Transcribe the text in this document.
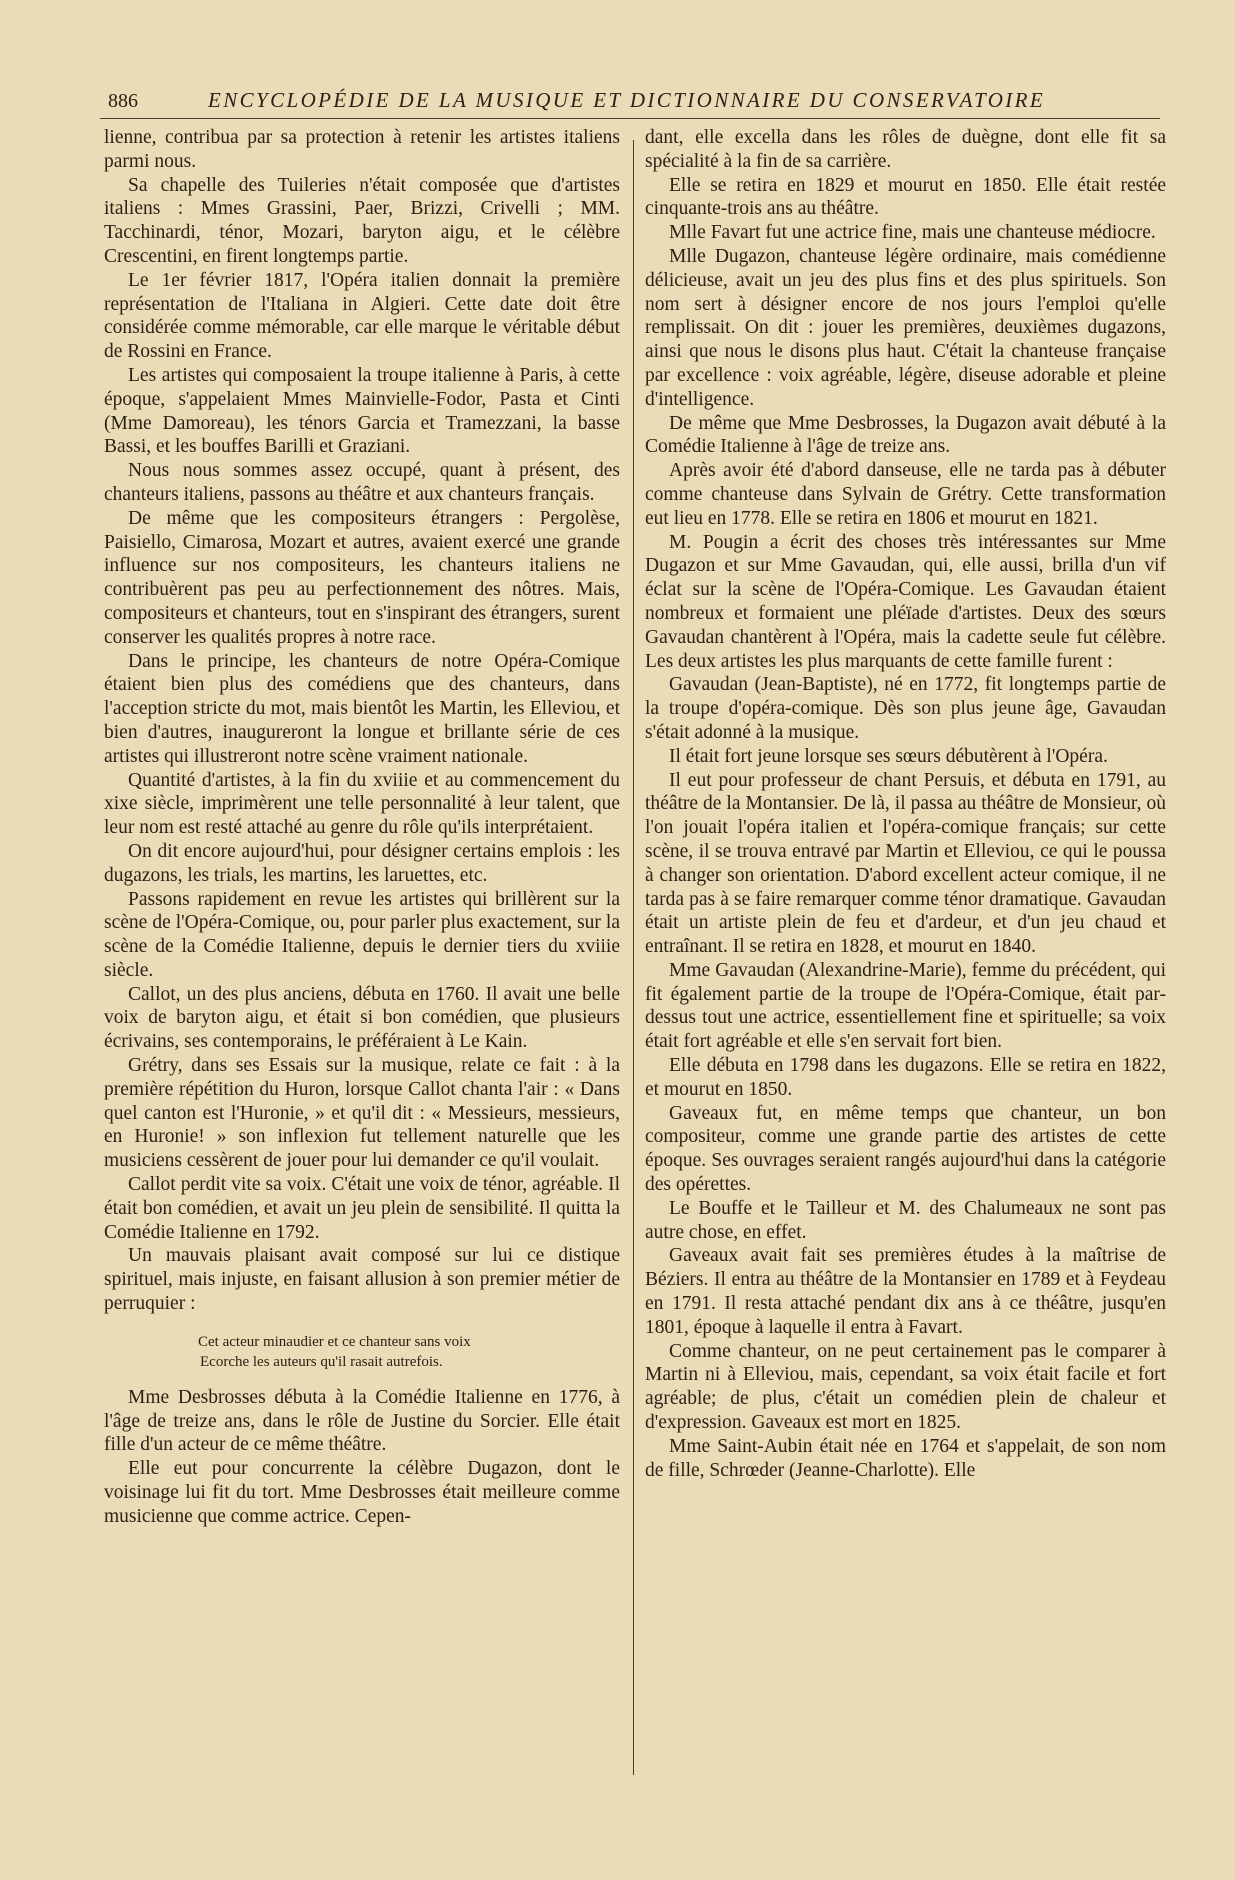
886	ENCYCLOPÉDIE DE LA MUSIQUE ET DICTIONNAIRE DU CONSERVATOIRE

lienne, contribua par sa protection à retenir les artistes italiens parmi nous.

Sa chapelle des Tuileries n'était composée que d'artistes italiens : Mmes Grassini, Paer, Brizzi, Crivelli ; MM. Tacchinardi, ténor, Mozari, baryton aigu, et le célèbre Crescentini, en firent longtemps partie.

Le 1er février 1817, l'Opéra italien donnait la première représentation de l'Italiana in Algieri. Cette date doit être considérée comme mémorable, car elle marque le véritable début de Rossini en France.

Les artistes qui composaient la troupe italienne à Paris, à cette époque, s'appelaient Mmes Mainvielle-Fodor, Pasta et Cinti (Mme Damoreau), les ténors Garcia et Tramezzani, la basse Bassi, et les bouffes Barilli et Graziani.

Nous nous sommes assez occupé, quant à présent, des chanteurs italiens, passons au théâtre et aux chanteurs français.

De même que les compositeurs étrangers : Pergolèse, Paisiello, Cimarosa, Mozart et autres, avaient exercé une grande influence sur nos compositeurs, les chanteurs italiens ne contribuèrent pas peu au perfectionnement des nôtres. Mais, compositeurs et chanteurs, tout en s'inspirant des étrangers, surent conserver les qualités propres à notre race.

Dans le principe, les chanteurs de notre Opéra-Comique étaient bien plus des comédiens que des chanteurs, dans l'acception stricte du mot, mais bientôt les Martin, les Elleviou, et bien d'autres, inaugureront la longue et brillante série de ces artistes qui illustreront notre scène vraiment nationale.

Quantité d'artistes, à la fin du xviiie et au commencement du xixe siècle, imprimèrent une telle personnalité à leur talent, que leur nom est resté attaché au genre du rôle qu'ils interprétaient.

On dit encore aujourd'hui, pour désigner certains emplois : les dugazons, les trials, les martins, les laruettes, etc.

Passons rapidement en revue les artistes qui brillèrent sur la scène de l'Opéra-Comique, ou, pour parler plus exactement, sur la scène de la Comédie Italienne, depuis le dernier tiers du xviiie siècle.

Callot, un des plus anciens, débuta en 1760. Il avait une belle voix de baryton aigu, et était si bon comédien, que plusieurs écrivains, ses contemporains, le préféraient à Le Kain.

Grétry, dans ses Essais sur la musique, relate ce fait : à la première répétition du Huron, lorsque Callot chanta l'air : « Dans quel canton est l'Huronie, » et qu'il dit : « Messieurs, messieurs, en Huronie! » son inflexion fut tellement naturelle que les musiciens cessèrent de jouer pour lui demander ce qu'il voulait.

Callot perdit vite sa voix. C'était une voix de ténor, agréable. Il était bon comédien, et avait un jeu plein de sensibilité. Il quitta la Comédie Italienne en 1792.

Un mauvais plaisant avait composé sur lui ce distique spirituel, mais injuste, en faisant allusion à son premier métier de perruquier :

Cet acteur minaudier et ce chanteur sans voix
Ecorche les auteurs qu'il rasait autrefois.

Mme Desbrosses débuta à la Comédie Italienne en 1776, à l'âge de treize ans, dans le rôle de Justine du Sorcier. Elle était fille d'un acteur de ce même théâtre.

Elle eut pour concurrente la célèbre Dugazon, dont le voisinage lui fit du tort. Mme Desbrosses était meilleure comme musicienne que comme actrice. Cepen-

dant, elle excella dans les rôles de duègne, dont elle fit sa spécialité à la fin de sa carrière.

Elle se retira en 1829 et mourut en 1850. Elle était restée cinquante-trois ans au théâtre.

Mlle Favart fut une actrice fine, mais une chanteuse médiocre.

Mlle Dugazon, chanteuse légère ordinaire, mais comédienne délicieuse, avait un jeu des plus fins et des plus spirituels. Son nom sert à désigner encore de nos jours l'emploi qu'elle remplissait. On dit : jouer les premières, deuxièmes dugazons, ainsi que nous le disons plus haut. C'était la chanteuse française par excellence : voix agréable, légère, diseuse adorable et pleine d'intelligence.

De même que Mme Desbrosses, la Dugazon avait débuté à la Comédie Italienne à l'âge de treize ans.

Après avoir été d'abord danseuse, elle ne tarda pas à débuter comme chanteuse dans Sylvain de Grétry. Cette transformation eut lieu en 1778. Elle se retira en 1806 et mourut en 1821.

M. Pougin a écrit des choses très intéressantes sur Mme Dugazon et sur Mme Gavaudan, qui, elle aussi, brilla d'un vif éclat sur la scène de l'Opéra-Comique. Les Gavaudan étaient nombreux et formaient une pléïade d'artistes. Deux des sœurs Gavaudan chantèrent à l'Opéra, mais la cadette seule fut célèbre. Les deux artistes les plus marquants de cette famille furent :

Gavaudan (Jean-Baptiste), né en 1772, fit longtemps partie de la troupe d'opéra-comique. Dès son plus jeune âge, Gavaudan s'était adonné à la musique.

Il était fort jeune lorsque ses sœurs débutèrent à l'Opéra.

Il eut pour professeur de chant Persuis, et débuta en 1791, au théâtre de la Montansier. De là, il passa au théâtre de Monsieur, où l'on jouait l'opéra italien et l'opéra-comique français; sur cette scène, il se trouva entravé par Martin et Elleviou, ce qui le poussa à changer son orientation. D'abord excellent acteur comique, il ne tarda pas à se faire remarquer comme ténor dramatique. Gavaudan était un artiste plein de feu et d'ardeur, et d'un jeu chaud et entraînant. Il se retira en 1828, et mourut en 1840.

Mme Gavaudan (Alexandrine-Marie), femme du précédent, qui fit également partie de la troupe de l'Opéra-Comique, était par-dessus tout une actrice, essentiellement fine et spirituelle; sa voix était fort agréable et elle s'en servait fort bien.

Elle débuta en 1798 dans les dugazons. Elle se retira en 1822, et mourut en 1850.

Gaveaux fut, en même temps que chanteur, un bon compositeur, comme une grande partie des artistes de cette époque. Ses ouvrages seraient rangés aujourd'hui dans la catégorie des opérettes.

Le Bouffe et le Tailleur et M. des Chalumeaux ne sont pas autre chose, en effet.

Gaveaux avait fait ses premières études à la maîtrise de Béziers. Il entra au théâtre de la Montansier en 1789 et à Feydeau en 1791. Il resta attaché pendant dix ans à ce théâtre, jusqu'en 1801, époque à laquelle il entra à Favart.

Comme chanteur, on ne peut certainement pas le comparer à Martin ni à Elleviou, mais, cependant, sa voix était facile et fort agréable; de plus, c'était un comédien plein de chaleur et d'expression. Gaveaux est mort en 1825.

Mme Saint-Aubin était née en 1764 et s'appelait, de son nom de fille, Schrœder (Jeanne-Charlotte). Elle
